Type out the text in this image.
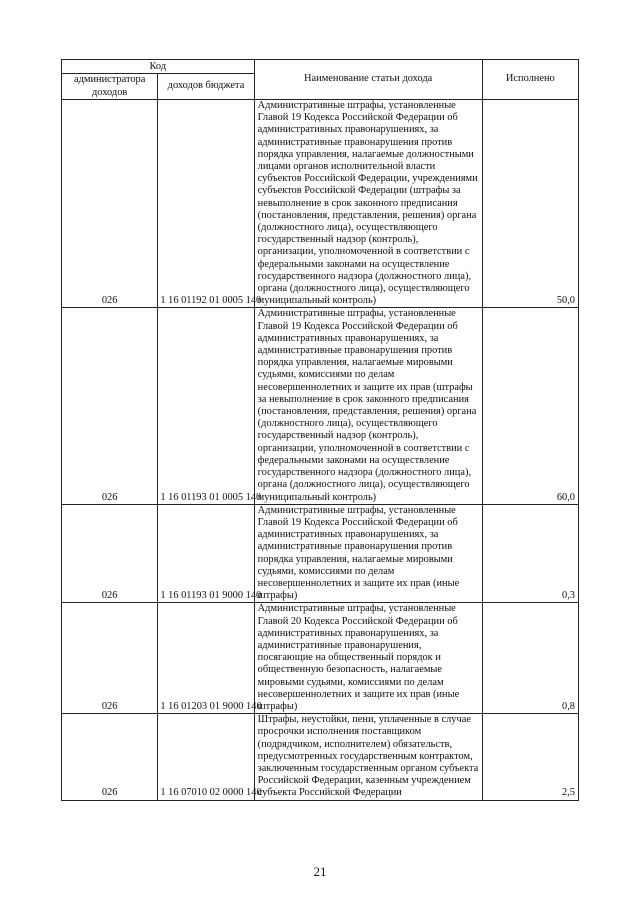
Код		Наименование статьи дохода	Исполнено
администратора доходов	доходов бюджета		
026	1 16 01192 01 0005 140	Административные штрафы, установленные Главой 19 Кодекса Российской Федерации об административных правонарушениях, за административные правонарушения против порядка управления, налагаемые должностными лицами органов исполнительной власти субъектов Российской Федерации, учреждениями субъектов Российской Федерации (штрафы за невыполнение в срок законного предписания (постановления, представления, решения) органа (должностного лица), осуществляющего государственный надзор (контроль), организации, уполномоченной в соответствии с федеральными законами на осуществление государственного надзора (должностного лица), органа (должностного лица), осуществляющего муниципальный контроль)	50,0
026	1 16 01193 01 0005 140	Административные штрафы, установленные Главой 19 Кодекса Российской Федерации об административных правонарушениях, за административные правонарушения против порядка управления, налагаемые мировыми судьями, комиссиями по делам несовершеннолетних и защите их прав (штрафы за невыполнение в срок законного предписания (постановления, представления, решения) органа (должностного лица), осуществляющего государственный надзор (контроль), организации, уполномоченной в соответствии с федеральными законами на осуществление государственного надзора (должностного лица), органа (должностного лица), осуществляющего муниципальный контроль)	60,0
026	1 16 01193 01 9000 140	Административные штрафы, установленные Главой 19 Кодекса Российской Федерации об административных правонарушениях, за административные правонарушения против порядка управления, налагаемые мировыми судьями, комиссиями по делам несовершеннолетних и защите их прав (иные штрафы)	0,3
026	1 16 01203 01 9000 140	Административные штрафы, установленные Главой 20 Кодекса Российской Федерации об административных правонарушениях, за административные правонарушения, посягающие на общественный порядок и общественную безопасность, налагаемые мировыми судьями, комиссиями по делам несовершеннолетних и защите их прав (иные штрафы)	0,8
026	1 16 07010 02 0000 140	Штрафы, неустойки, пени, уплаченные в случае просрочки исполнения поставщиком (подрядчиком, исполнителем) обязательств, предусмотренных государственным контрактом, заключенным государственным органом субъекта Российской Федерации, казенным учреждением субъекта Российской Федерации	2,5
21
